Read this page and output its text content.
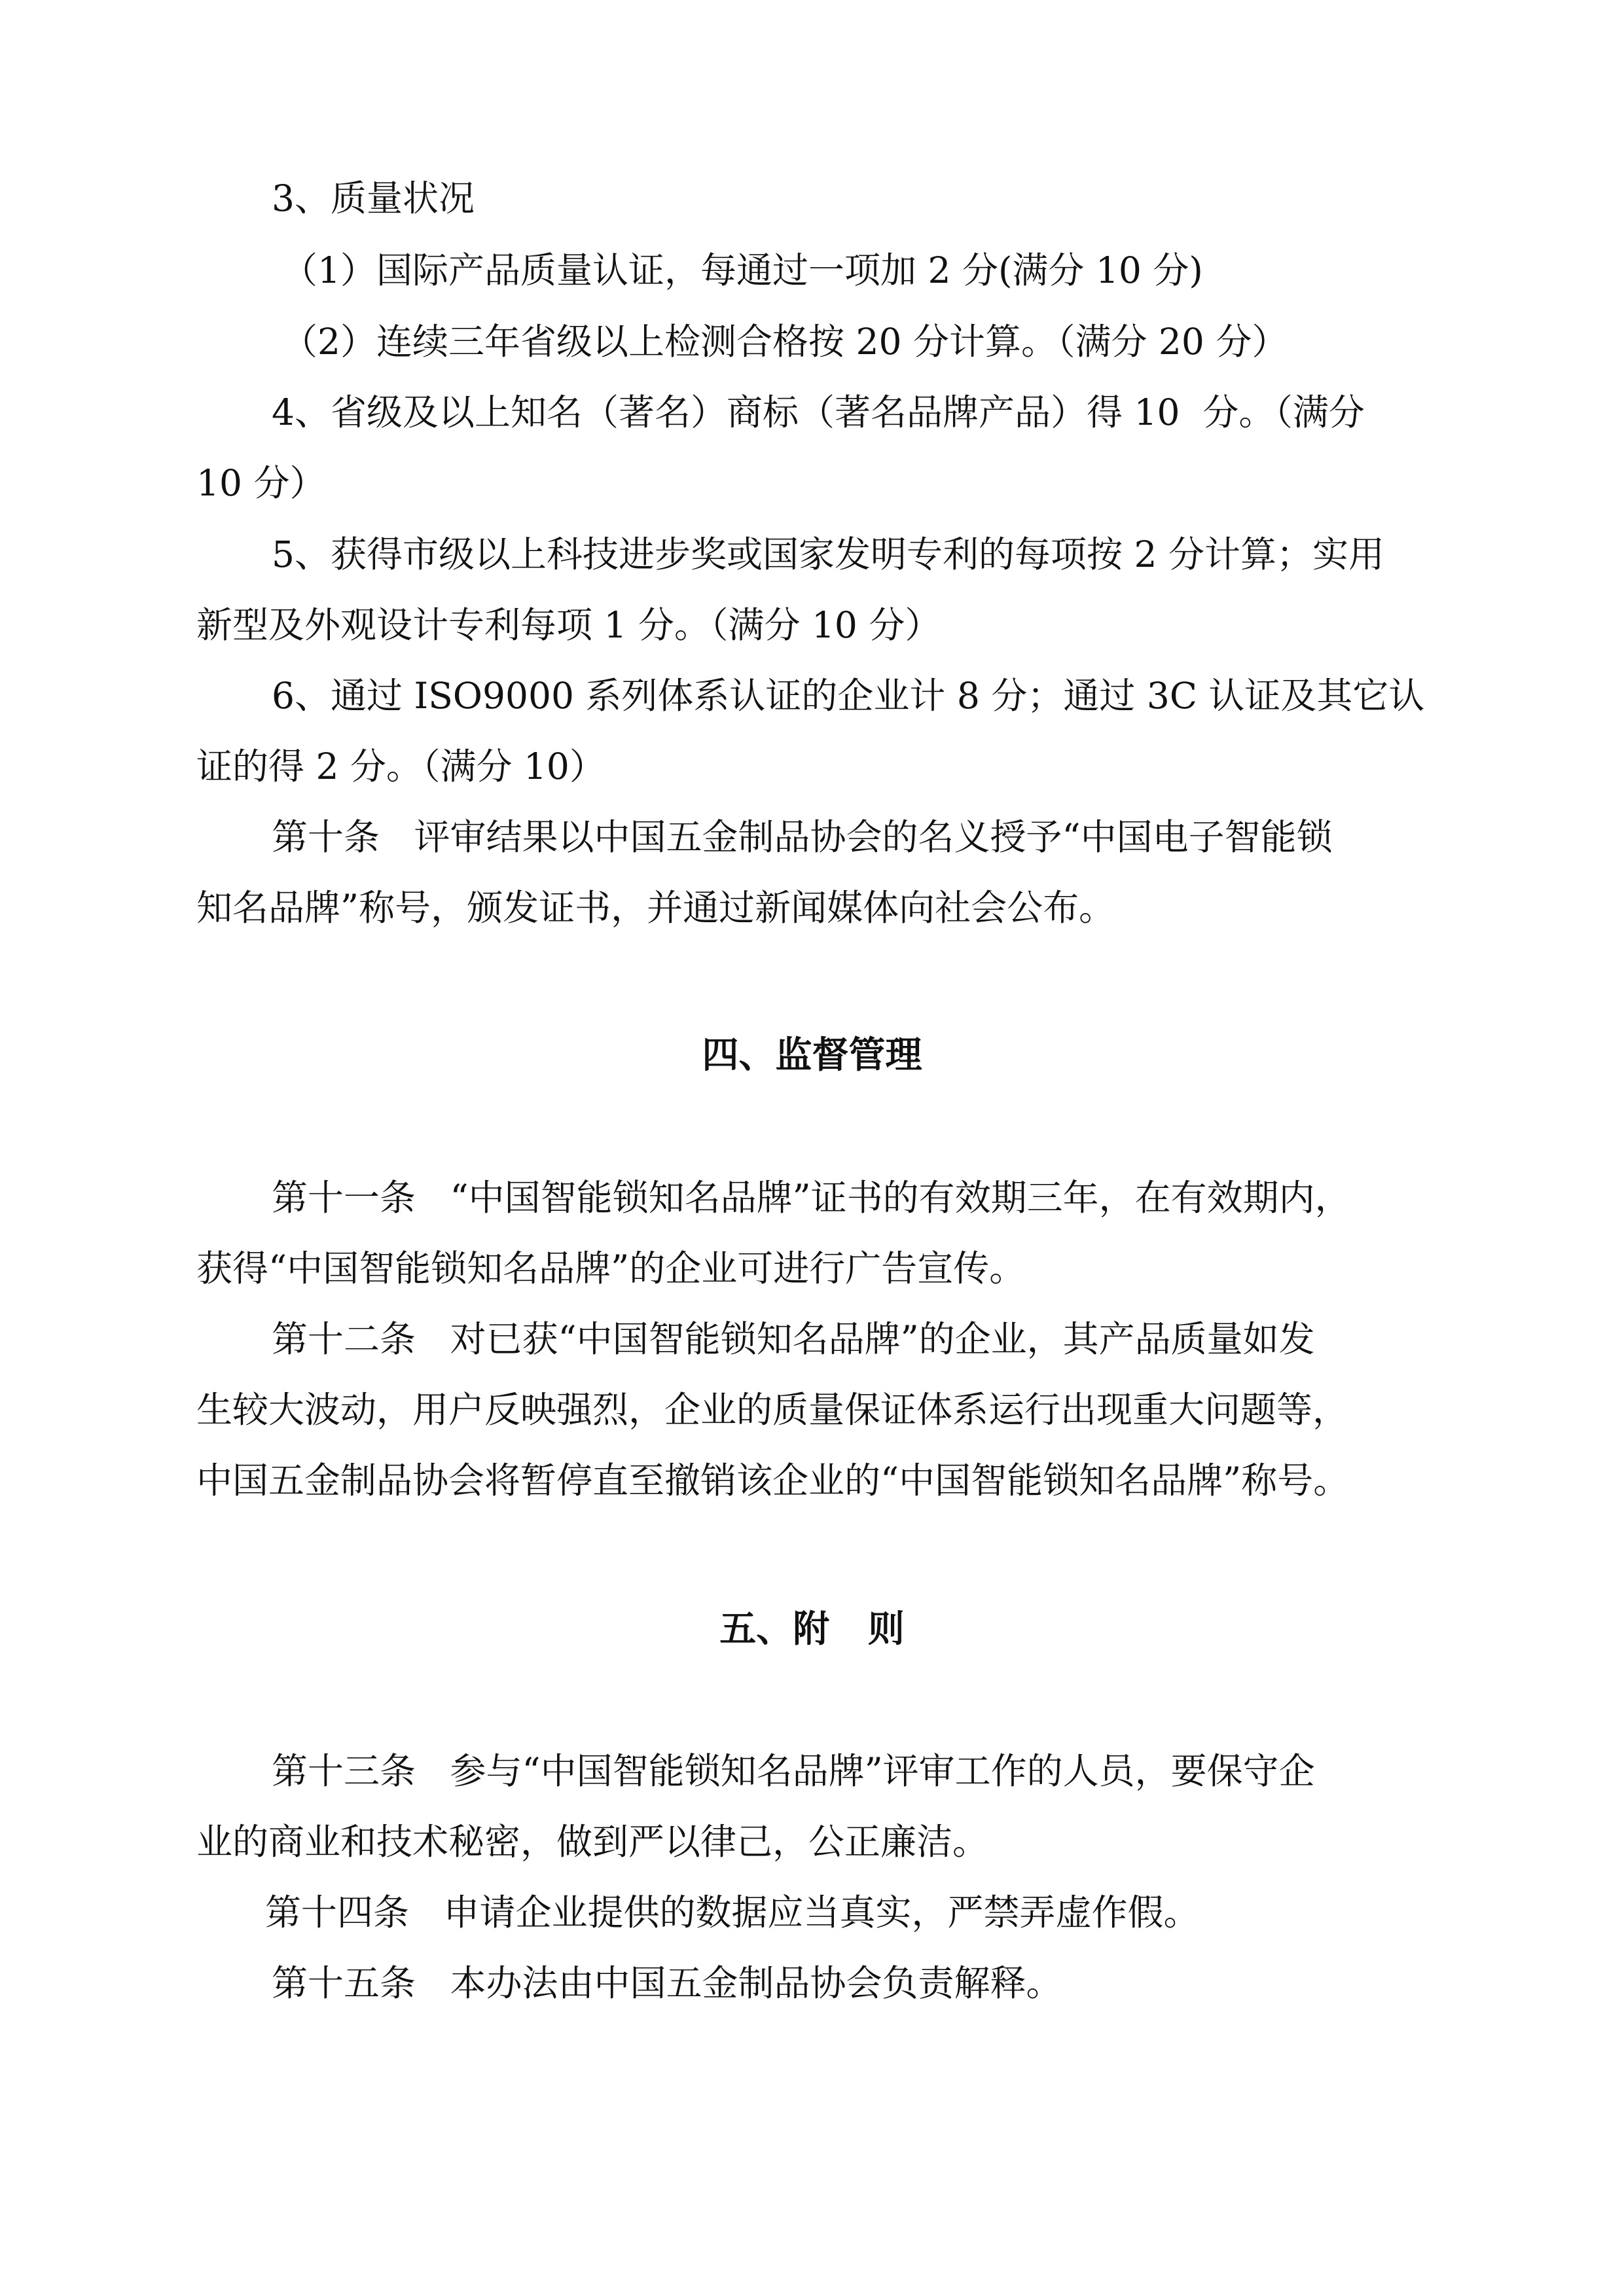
3、质量状况
（1）国际产品质量认证，每通过一项加 2 分(满分 10 分)
（2）连续三年省级以上检测合格按 20 分计算。（满分 20 分）
4、省级及以上知名（著名）商标（著名品牌产品）得 10  分。（满分
10 分）
5、获得市级以上科技进步奖或国家发明专利的每项按 2 分计算；实用
新型及外观设计专利每项 1 分。（满分 10 分）
6、通过 ISO9000 系列体系认证的企业计 8 分；通过 3C 认证及其它认
证的得 2 分。（满分 10）
第十条   评审结果以中国五金制品协会的名义授予“中国电子智能锁
知名品牌”称号，颁发证书，并通过新闻媒体向社会公布。
四、监督管理
第十一条   “中国智能锁知名品牌”证书的有效期三年，在有效期内，
获得“中国智能锁知名品牌”的企业可进行广告宣传。
第十二条   对已获“中国智能锁知名品牌”的企业，其产品质量如发
生较大波动，用户反映强烈，企业的质量保证体系运行出现重大问题等，
中国五金制品协会将暂停直至撤销该企业的“中国智能锁知名品牌”称号。
五、附   则
第十三条   参与“中国智能锁知名品牌”评审工作的人员，要保守企
业的商业和技术秘密，做到严以律己，公正廉洁。
第十四条   申请企业提供的数据应当真实，严禁弄虚作假。
第十五条   本办法由中国五金制品协会负责解释。
